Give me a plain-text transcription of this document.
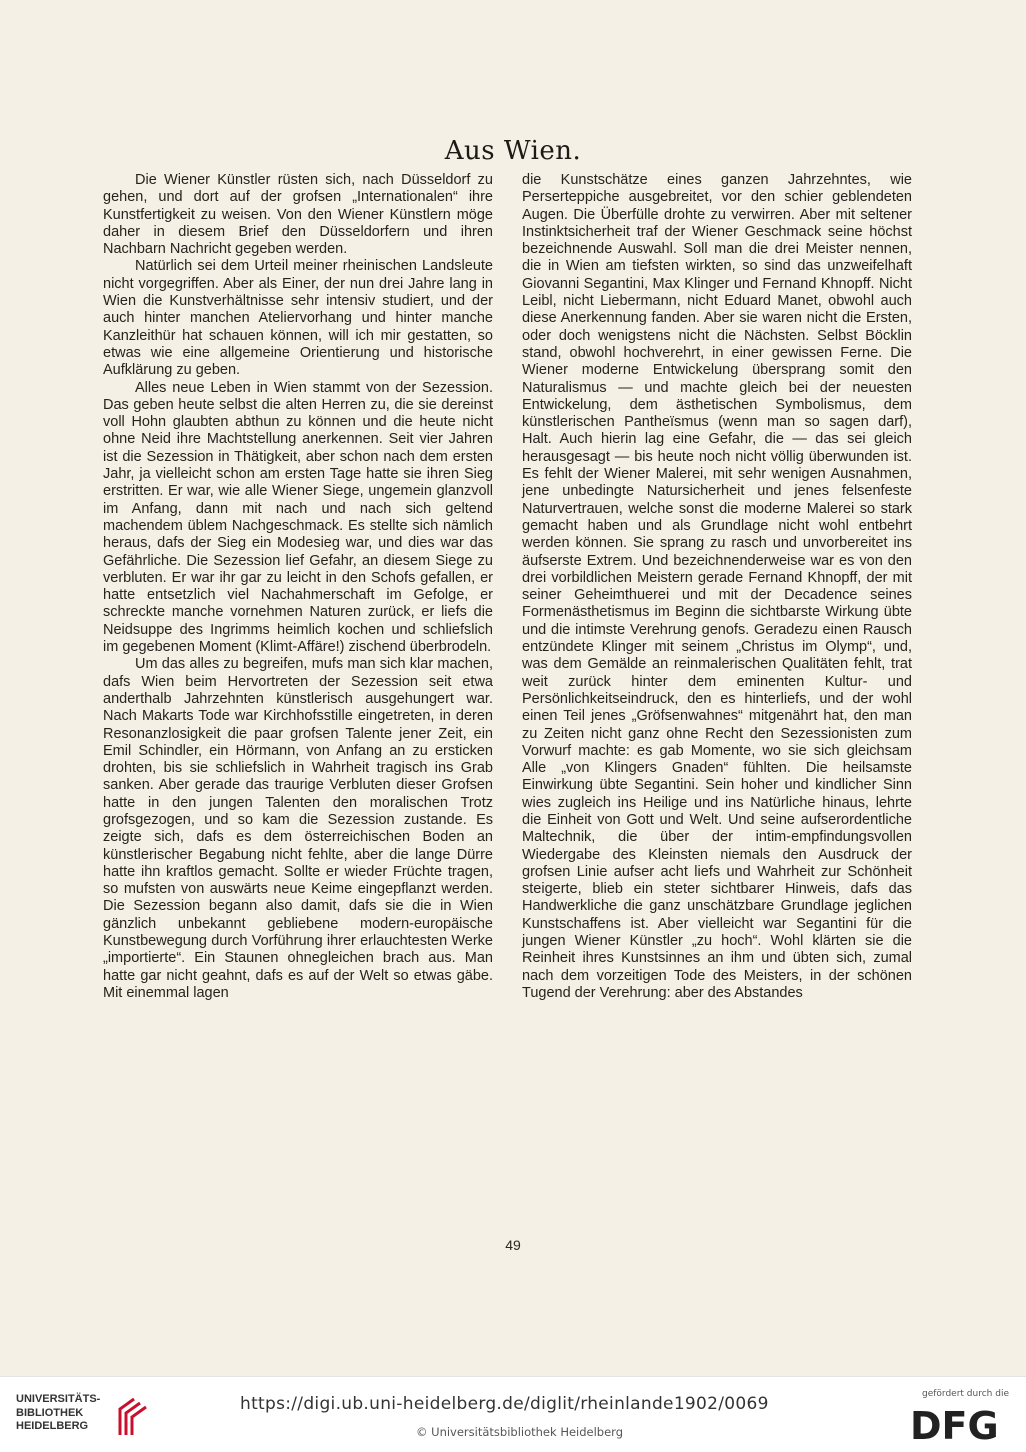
Aus Wien.

Die Wiener Künstler rüsten sich, nach Düsseldorf zu gehen, und dort auf der grofsen „Internationalen“ ihre Kunstfertigkeit zu weisen. Von den Wiener Künstlern möge daher in diesem Brief den Düsseldorfern und ihren Nachbarn Nachricht gegeben werden.

Natürlich sei dem Urteil meiner rheinischen Landsleute nicht vorgegriffen. Aber als Einer, der nun drei Jahre lang in Wien die Kunstverhältnisse sehr intensiv studiert, und der auch hinter manchen Ateliervorhang und hinter manche Kanzleithür hat schauen können, will ich mir gestatten, so etwas wie eine allgemeine Orientierung und historische Aufklärung zu geben.

Alles neue Leben in Wien stammt von der Sezession. Das geben heute selbst die alten Herren zu, die sie dereinst voll Hohn glaubten abthun zu können und die heute nicht ohne Neid ihre Machtstellung anerkennen. Seit vier Jahren ist die Sezession in Thätigkeit, aber schon nach dem ersten Jahr, ja vielleicht schon am ersten Tage hatte sie ihren Sieg erstritten. Er war, wie alle Wiener Siege, ungemein glanzvoll im Anfang, dann mit nach und nach sich geltend machendem üblem Nachgeschmack. Es stellte sich nämlich heraus, dafs der Sieg ein Modesieg war, und dies war das Gefährliche. Die Sezession lief Gefahr, an diesem Siege zu verbluten. Er war ihr gar zu leicht in den Schofs gefallen, er hatte entsetzlich viel Nachahmerschaft im Gefolge, er schreckte manche vornehmen Naturen zurück, er liefs die Neidsuppe des Ingrimms heimlich kochen und schliefslich im gegebenen Moment (Klimt-Affäre!) zischend überbrodeln.

Um das alles zu begreifen, mufs man sich klar machen, dafs Wien beim Hervortreten der Sezession seit etwa anderthalb Jahrzehnten künstlerisch ausgehungert war. Nach Makarts Tode war Kirchhofsstille eingetreten, in deren Resonanzlosigkeit die paar grofsen Talente jener Zeit, ein Emil Schindler, ein Hörmann, von Anfang an zu ersticken drohten, bis sie schliefslich in Wahrheit tragisch ins Grab sanken. Aber gerade das traurige Verbluten dieser Grofsen hatte in den jungen Talenten den moralischen Trotz grofsgezogen, und so kam die Sezession zustande. Es zeigte sich, dafs es dem österreichischen Boden an künstlerischer Begabung nicht fehlte, aber die lange Dürre hatte ihn kraftlos gemacht. Sollte er wieder Früchte tragen, so mufsten von auswärts neue Keime eingepflanzt werden. Die Sezession begann also damit, dafs sie die in Wien gänzlich unbekannt gebliebene modern-europäische Kunstbewegung durch Vorführung ihrer erlauchtesten Werke „importierte“. Ein Staunen ohnegleichen brach aus. Man hatte gar nicht geahnt, dafs es auf der Welt so etwas gäbe. Mit einemmal lagen

die Kunstschätze eines ganzen Jahrzehntes, wie Perserteppiche ausgebreitet, vor den schier geblendeten Augen. Die Überfülle drohte zu verwirren. Aber mit seltener Instinktsicherheit traf der Wiener Geschmack seine höchst bezeichnende Auswahl. Soll man die drei Meister nennen, die in Wien am tiefsten wirkten, so sind das unzweifelhaft Giovanni Segantini, Max Klinger und Fernand Khnopff. Nicht Leibl, nicht Liebermann, nicht Eduard Manet, obwohl auch diese Anerkennung fanden. Aber sie waren nicht die Ersten, oder doch wenigstens nicht die Nächsten. Selbst Böcklin stand, obwohl hochverehrt, in einer gewissen Ferne. Die Wiener moderne Entwickelung übersprang somit den Naturalismus — und machte gleich bei der neuesten Entwickelung, dem ästhetischen Symbolismus, dem künstlerischen Pantheïsmus (wenn man so sagen darf), Halt. Auch hierin lag eine Gefahr, die — das sei gleich herausgesagt — bis heute noch nicht völlig überwunden ist. Es fehlt der Wiener Malerei, mit sehr wenigen Ausnahmen, jene unbedingte Natursicherheit und jenes felsenfeste Naturvertrauen, welche sonst die moderne Malerei so stark gemacht haben und als Grundlage nicht wohl entbehrt werden können. Sie sprang zu rasch und unvorbereitet ins äufserste Extrem. Und bezeichnenderweise war es von den drei vorbildlichen Meistern gerade Fernand Khnopff, der mit seiner Geheimthuerei und mit der Decadence seines Formenästhetismus im Beginn die sichtbarste Wirkung übte und die intimste Verehrung genofs. Geradezu einen Rausch entzündete Klinger mit seinem „Christus im Olymp“, und, was dem Gemälde an reinmalerischen Qualitäten fehlt, trat weit zurück hinter dem eminenten Kultur- und Persönlichkeitseindruck, den es hinterliefs, und der wohl einen Teil jenes „Gröfsenwahnes“ mitgenährt hat, den man zu Zeiten nicht ganz ohne Recht den Sezessionisten zum Vorwurf machte: es gab Momente, wo sie sich gleichsam Alle „von Klingers Gnaden“ fühlten. Die heilsamste Einwirkung übte Segantini. Sein hoher und kindlicher Sinn wies zugleich ins Heilige und ins Natürliche hinaus, lehrte die Einheit von Gott und Welt. Und seine aufserordentliche Maltechnik, die über der intim-empfindungsvollen Wiedergabe des Kleinsten niemals den Ausdruck der grofsen Linie aufser acht liefs und Wahrheit zur Schönheit steigerte, blieb ein steter sichtbarer Hinweis, dafs das Handwerkliche die ganz unschätzbare Grundlage jeglichen Kunstschaffens ist. Aber vielleicht war Segantini für die jungen Wiener Künstler „zu hoch“. Wohl klärten sie die Reinheit ihres Kunstsinnes an ihm und übten sich, zumal nach dem vorzeitigen Tode des Meisters, in der schönen Tugend der Verehrung: aber des Abstandes

49
UNIVERSITÄTS-
BIBLIOTHEK
HEIDELBERG
https://digi.ub.uni-heidelberg.de/diglit/rheinlande1902/0069
© Universitätsbibliothek Heidelberg
gefördert durch die
DFG
